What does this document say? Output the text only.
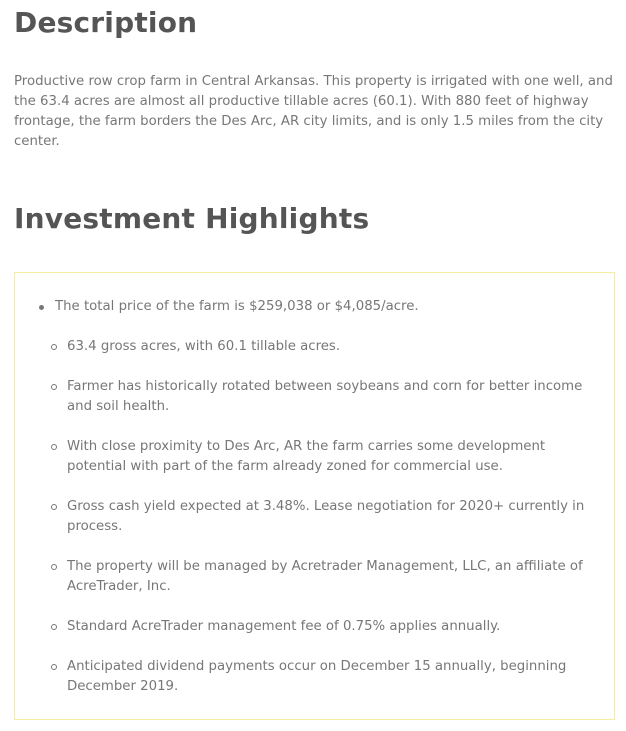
Description

Productive row crop farm in Central Arkansas. This property is irrigated with one well, and the 63.4 acres are almost all productive tillable acres (60.1). With 880 feet of highway frontage, the farm borders the Des Arc, AR city limits, and is only 1.5 miles from the city center.

Investment Highlights
The total price of the farm is $259,038 or $4,085/acre.
63.4 gross acres, with 60.1 tillable acres.
Farmer has historically rotated between soybeans and corn for better income and soil health.
With close proximity to Des Arc, AR the farm carries some development potential with part of the farm already zoned for commercial use.
Gross cash yield expected at 3.48%. Lease negotiation for 2020+ currently in process.
The property will be managed by Acretrader Management, LLC, an affiliate of AcreTrader, Inc.
Standard AcreTrader management fee of 0.75% applies annually.
Anticipated dividend payments occur on December 15 annually, beginning December 2019.
